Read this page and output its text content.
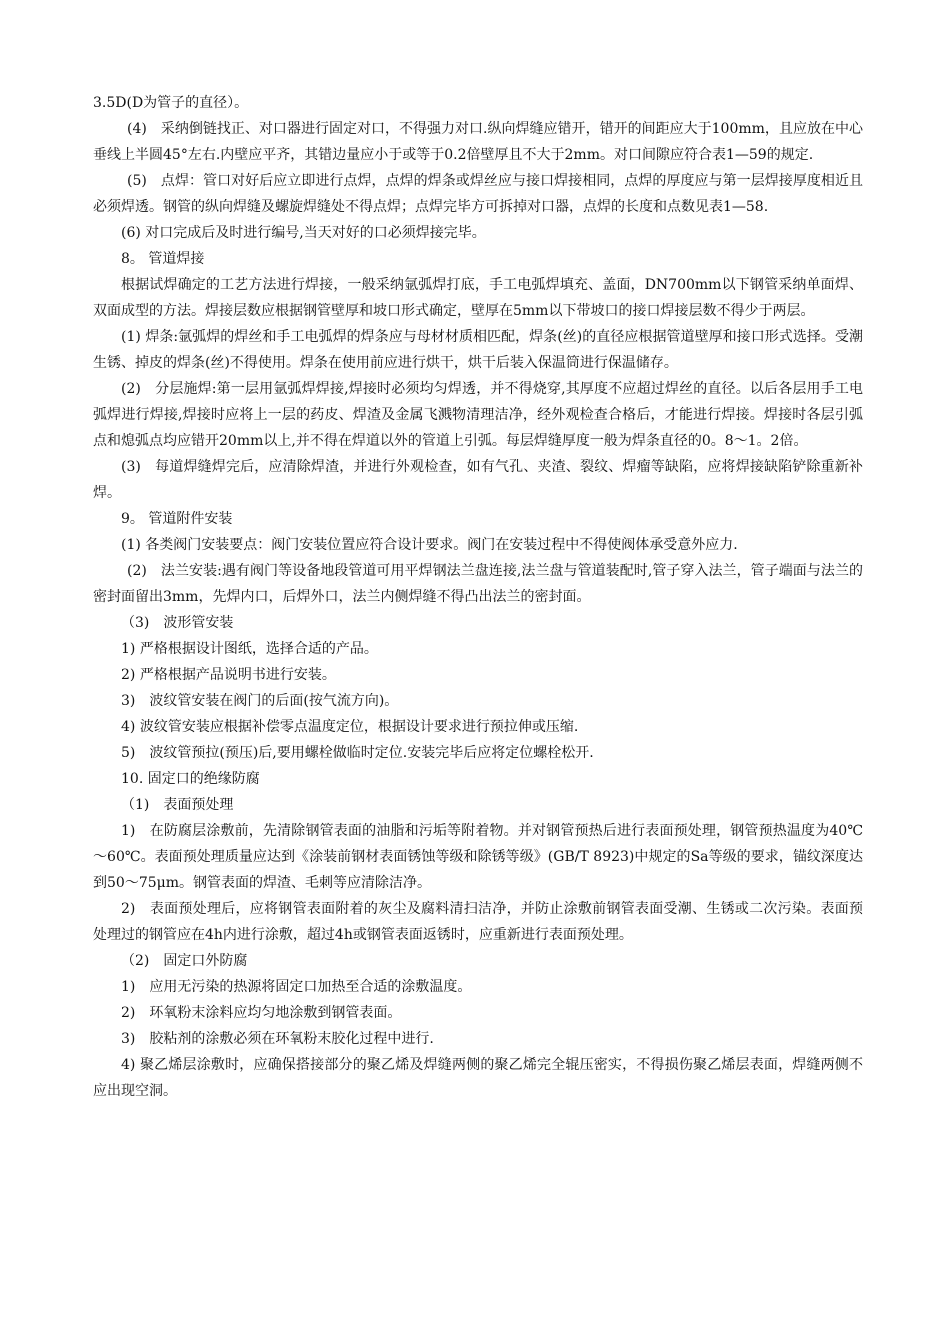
3.5D(D为管子的直径）。

(4)　采纳倒链找正、对口器进行固定对口，不得强力对口.纵向焊缝应错开，错开的间距应大于100mm，且应放在中心垂线上半圆45°左右.内壁应平齐，其错边量应小于或等于0.2倍壁厚且不大于2mm。对口间隙应符合表1—59的规定.

(5)　点焊：管口对好后应立即进行点焊，点焊的焊条或焊丝应与接口焊接相同，点焊的厚度应与第一层焊接厚度相近且必须焊透。钢管的纵向焊缝及螺旋焊缝处不得点焊；点焊完毕方可拆掉对口器，点焊的长度和点数见表1—58.

(6) 对口完成后及时进行编号,当天对好的口必须焊接完毕。

8。 管道焊接

根据试焊确定的工艺方法进行焊接，一般采纳氩弧焊打底，手工电弧焊填充、盖面，DN700mm以下钢管采纳单面焊、双面成型的方法。焊接层数应根据钢管壁厚和坡口形式确定，壁厚在5mm以下带坡口的接口焊接层数不得少于两层。

(1) 焊条:氩弧焊的焊丝和手工电弧焊的焊条应与母材材质相匹配，焊条(丝)的直径应根据管道壁厚和接口形式选择。受潮生锈、掉皮的焊条(丝)不得使用。焊条在使用前应进行烘干，烘干后装入保温筒进行保温储存。

(2)　分层施焊:第一层用氩弧焊焊接,焊接时必须均匀焊透，并不得烧穿,其厚度不应超过焊丝的直径。以后各层用手工电弧焊进行焊接,焊接时应将上一层的药皮、焊渣及金属飞溅物清理洁净，经外观检查合格后，才能进行焊接。焊接时各层引弧点和熄弧点均应错开20mm以上,并不得在焊道以外的管道上引弧。每层焊缝厚度一般为焊条直径的0。8～1。2倍。

(3)　每道焊缝焊完后，应清除焊渣，并进行外观检查，如有气孔、夹渣、裂纹、焊瘤等缺陷，应将焊接缺陷铲除重新补焊。

9。 管道附件安装

(1) 各类阀门安装要点：阀门安装位置应符合设计要求。阀门在安装过程中不得使阀体承受意外应力.

(2)　法兰安装:遇有阀门等设备地段管道可用平焊钢法兰盘连接,法兰盘与管道装配时,管子穿入法兰，管子端面与法兰的密封面留出3mm，先焊内口，后焊外口，法兰内侧焊缝不得凸出法兰的密封面。

（3)　波形管安装

1) 严格根据设计图纸，选择合适的产品。

2) 严格根据产品说明书进行安装。

3)　波纹管安装在阀门的后面(按气流方向)。

4) 波纹管安装应根据补偿零点温度定位，根据设计要求进行预拉伸或压缩.

5)　波纹管预拉(预压)后,要用螺栓做临时定位.安装完毕后应将定位螺栓松开.

10. 固定口的绝缘防腐

（1)　表面预处理

1)　在防腐层涂敷前，先清除钢管表面的油脂和污垢等附着物。并对钢管预热后进行表面预处理，钢管预热温度为40℃～60℃。表面预处理质量应达到《涂装前钢材表面锈蚀等级和除锈等级》(GB/T 8923)中规定的Sa等级的要求，锚纹深度达到50～75μm。钢管表面的焊渣、毛刺等应清除洁净。

2)　表面预处理后，应将钢管表面附着的灰尘及腐料清扫洁净，并防止涂敷前钢管表面受潮、生锈或二次污染。表面预处理过的钢管应在4h内进行涂敷，超过4h或钢管表面返锈时，应重新进行表面预处理。

（2)　固定口外防腐

1)　应用无污染的热源将固定口加热至合适的涂敷温度。

2)　环氧粉末涂料应均匀地涂敷到钢管表面。

3)　胶粘剂的涂敷必须在环氧粉末胶化过程中进行.

4) 聚乙烯层涂敷时，应确保搭接部分的聚乙烯及焊缝两侧的聚乙烯完全辊压密实，不得损伤聚乙烯层表面，焊缝两侧不应出现空洞。
